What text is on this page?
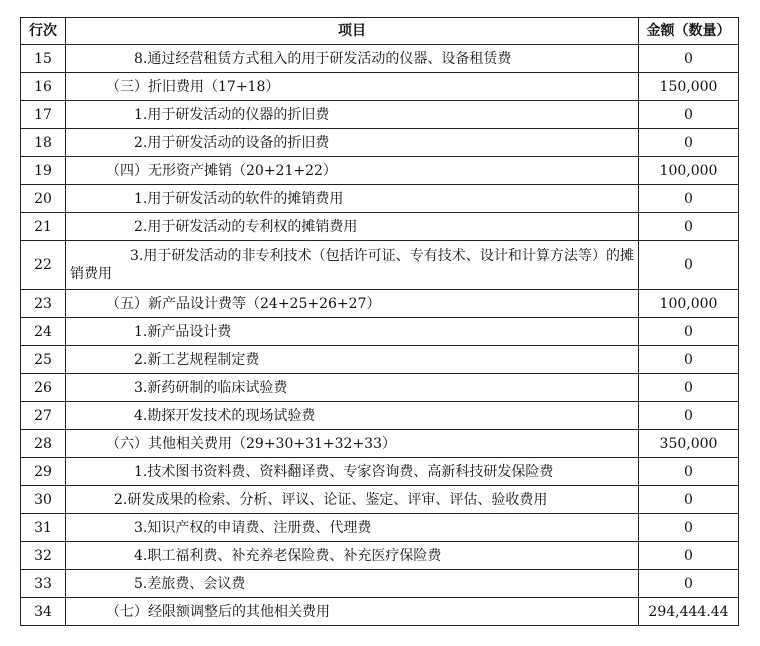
行次	项目	金额（数量）
15	8.通过经营租赁方式租入的用于研发活动的仪器、设备租赁费	0
16	（三）折旧费用（17+18）	150,000
17	1.用于研发活动的仪器的折旧费	0
18	2.用于研发活动的设备的折旧费	0
19	（四）无形资产摊销（20+21+22）	100,000
20	1.用于研发活动的软件的摊销费用	0
21	2.用于研发活动的专利权的摊销费用	0
22	3.用于研发活动的非专利技术（包括许可证、专有技术、设计和计算方法等）的摊销费用	0
23	（五）新产品设计费等（24+25+26+27）	100,000
24	1.新产品设计费	0
25	2.新工艺规程制定费	0
26	3.新药研制的临床试验费	0
27	4.勘探开发技术的现场试验费	0
28	（六）其他相关费用（29+30+31+32+33）	350,000
29	1.技术图书资料费、资料翻译费、专家咨询费、高新科技研发保险费	0
30	2.研发成果的检索、分析、评议、论证、鉴定、评审、评估、验收费用	0
31	3.知识产权的申请费、注册费、代理费	0
32	4.职工福利费、补充养老保险费、补充医疗保险费	0
33	5.差旅费、会议费	0
34	（七）经限额调整后的其他相关费用	294,444.44
